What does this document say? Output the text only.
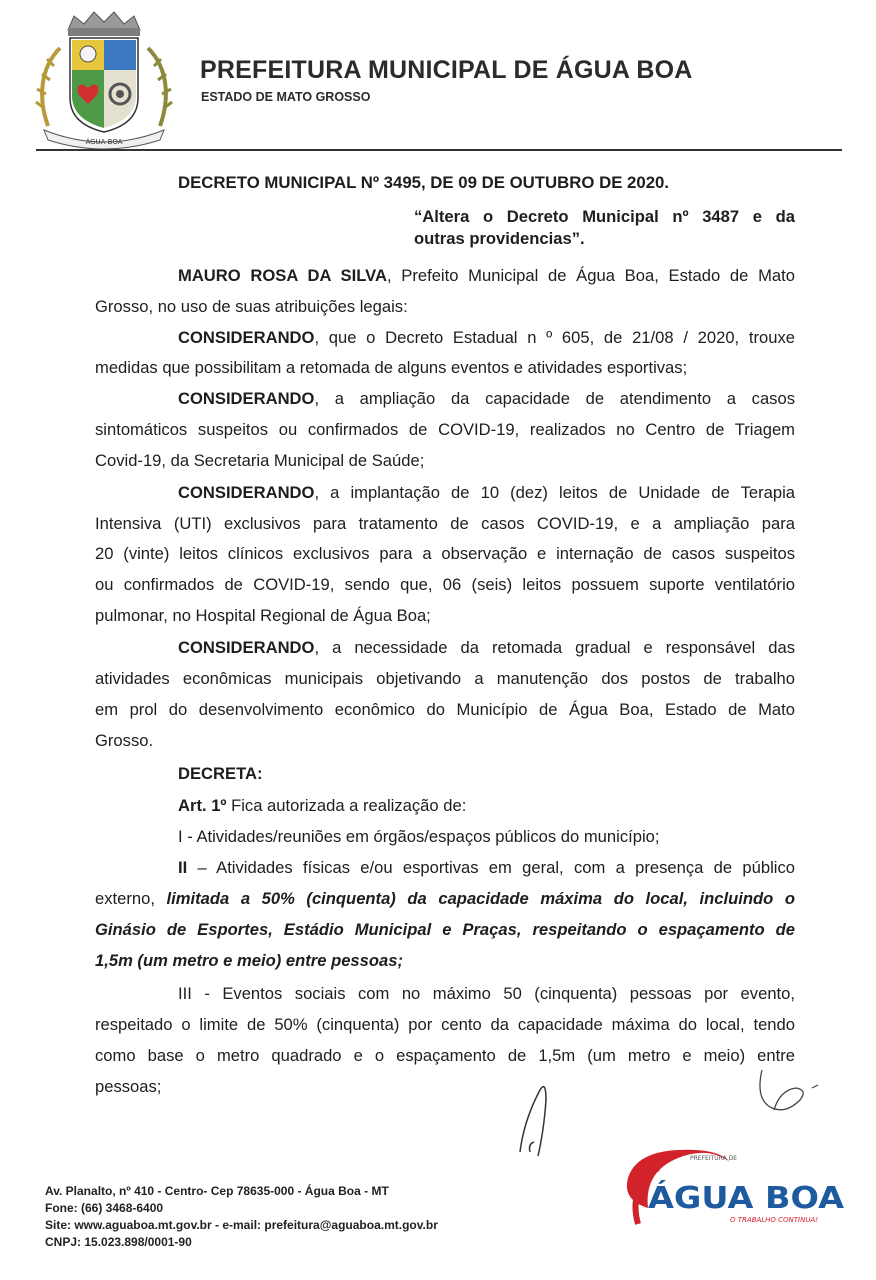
ÁGUA BOA
PREFEITURA MUNICIPAL DE ÁGUA BOA
ESTADO DE MATO GROSSO
DECRETO MUNICIPAL Nº 3495, DE 09 DE OUTUBRO DE 2020.
“Altera o Decreto Municipal nº 3487 e da
outras providencias”.
MAURO ROSA DA SILVA, Prefeito Municipal de Água Boa, Estado de Mato
Grosso, no uso de suas atribuições legais:
CONSIDERANDO, que o Decreto Estadual n º 605, de 21/08 / 2020, trouxe
medidas que possibilitam a retomada de alguns eventos e atividades esportivas;
CONSIDERANDO, a ampliação da capacidade de atendimento a casos
sintomáticos suspeitos ou confirmados de COVID-19, realizados no Centro de Triagem
Covid-19, da Secretaria Municipal de Saúde;
CONSIDERANDO, a implantação de 10 (dez) leitos de Unidade de Terapia
Intensiva (UTI) exclusivos para tratamento de casos COVID-19, e a ampliação para
20 (vinte) leitos clínicos exclusivos para a observação e internação de casos suspeitos
ou confirmados de COVID-19, sendo que, 06 (seis) leitos possuem suporte ventilatório
pulmonar, no Hospital Regional de Água Boa;
CONSIDERANDO, a necessidade da retomada gradual e responsável das
atividades econômicas municipais objetivando a manutenção dos postos de trabalho
em prol do desenvolvimento econômico do Município de Água Boa, Estado de Mato
Grosso.
DECRETA:
Art. 1º Fica autorizada a realização de:
I - Atividades/reuniões em órgãos/espaços públicos do município;
II – Atividades físicas e/ou esportivas em geral, com a presença de público
externo, limitada a 50% (cinquenta) da capacidade máxima do local, incluindo o
Ginásio de Esportes, Estádio Municipal e Praças, respeitando o espaçamento de
1,5m (um metro e meio) entre pessoas;
III - Eventos sociais com no máximo 50 (cinquenta) pessoas por evento,
respeitado o limite de 50% (cinquenta) por cento da capacidade máxima do local, tendo
como base o metro quadrado e o espaçamento de 1,5m (um metro e meio) entre
pessoas;
Av. Planalto, nº 410 - Centro- Cep 78635-000 - Água Boa - MT
Fone: (66) 3468-6400
Site: www.aguaboa.mt.gov.br - e-mail: prefeitura@aguaboa.mt.gov.br
CNPJ: 15.023.898/0001-90
PREFEITURA DE
ÁGUA BOA
O TRABALHO CONTINUA!
